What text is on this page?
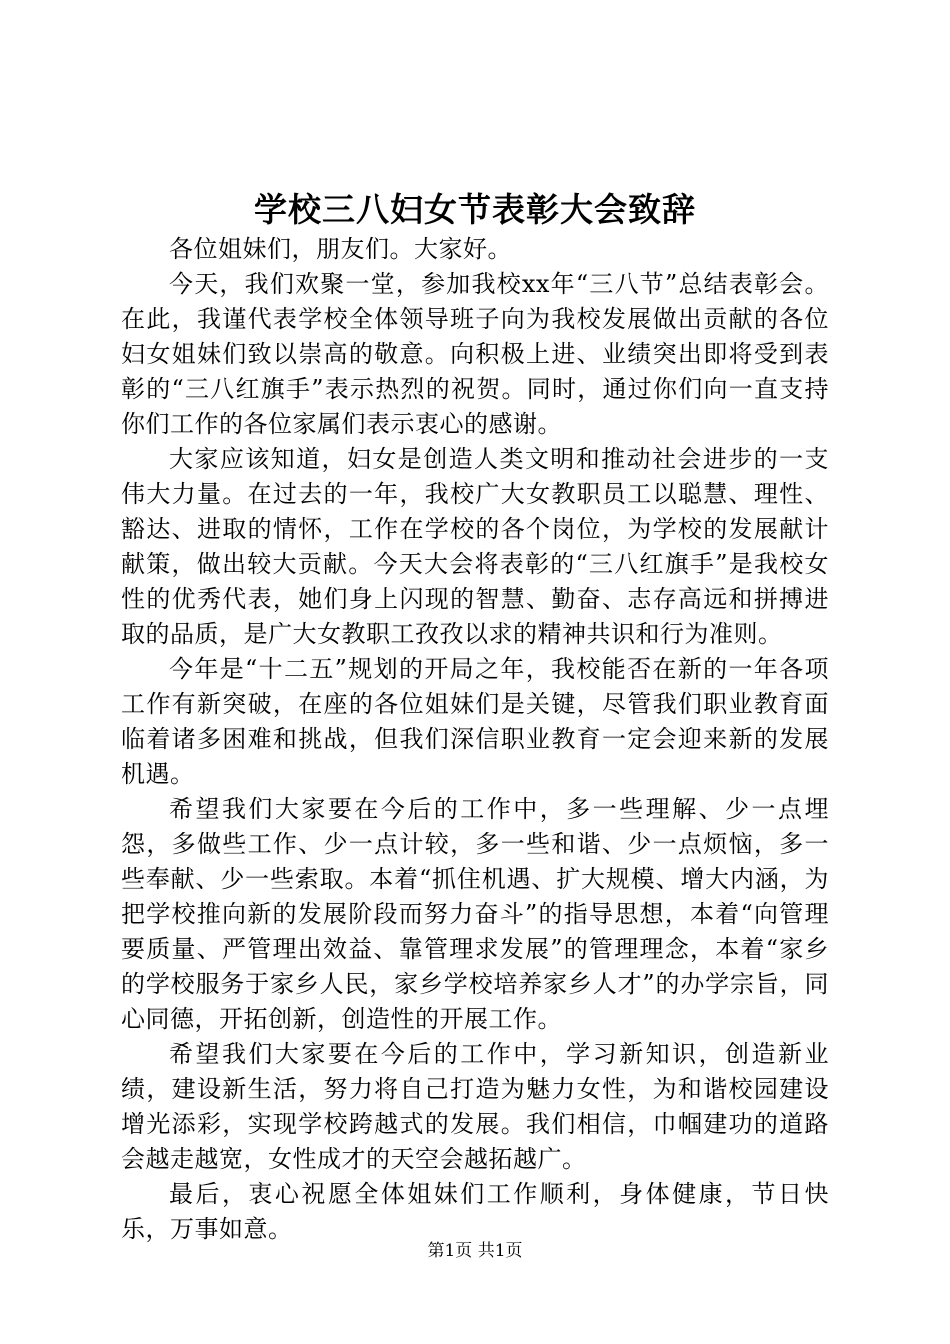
学校三八妇女节表彰大会致辞

各位姐妹们，朋友们。大家好。

今天，我们欢聚一堂，参加我校xx年“三八节”总结表彰会。在此，我谨代表学校全体领导班子向为我校发展做出贡献的各位妇女姐妹们致以崇高的敬意。向积极上进、业绩突出即将受到表彰的“三八红旗手”表示热烈的祝贺。同时，通过你们向一直支持你们工作的各位家属们表示衷心的感谢。

大家应该知道，妇女是创造人类文明和推动社会进步的一支伟大力量。在过去的一年，我校广大女教职员工以聪慧、理性、豁达、进取的情怀，工作在学校的各个岗位，为学校的发展献计献策，做出较大贡献。今天大会将表彰的“三八红旗手”是我校女性的优秀代表，她们身上闪现的智慧、勤奋、志存高远和拼搏进取的品质，是广大女教职工孜孜以求的精神共识和行为准则。

今年是“十二五”规划的开局之年，我校能否在新的一年各项工作有新突破，在座的各位姐妹们是关键，尽管我们职业教育面临着诸多困难和挑战，但我们深信职业教育一定会迎来新的发展机遇。

希望我们大家要在今后的工作中，多一些理解、少一点埋怨，多做些工作、少一点计较，多一些和谐、少一点烦恼，多一些奉献、少一些索取。本着“抓住机遇、扩大规模、增大内涵，为把学校推向新的发展阶段而努力奋斗”的指导思想，本着“向管理要质量、严管理出效益、靠管理求发展”的管理理念，本着“家乡的学校服务于家乡人民，家乡学校培养家乡人才”的办学宗旨，同心同德，开拓创新，创造性的开展工作。

希望我们大家要在今后的工作中，学习新知识，创造新业绩，建设新生活，努力将自己打造为魅力女性，为和谐校园建设增光添彩，实现学校跨越式的发展。我们相信，巾帼建功的道路会越走越宽，女性成才的天空会越拓越广。

最后，衷心祝愿全体姐妹们工作顺利，身体健康，节日快乐，万事如意。

第1页 共1页
